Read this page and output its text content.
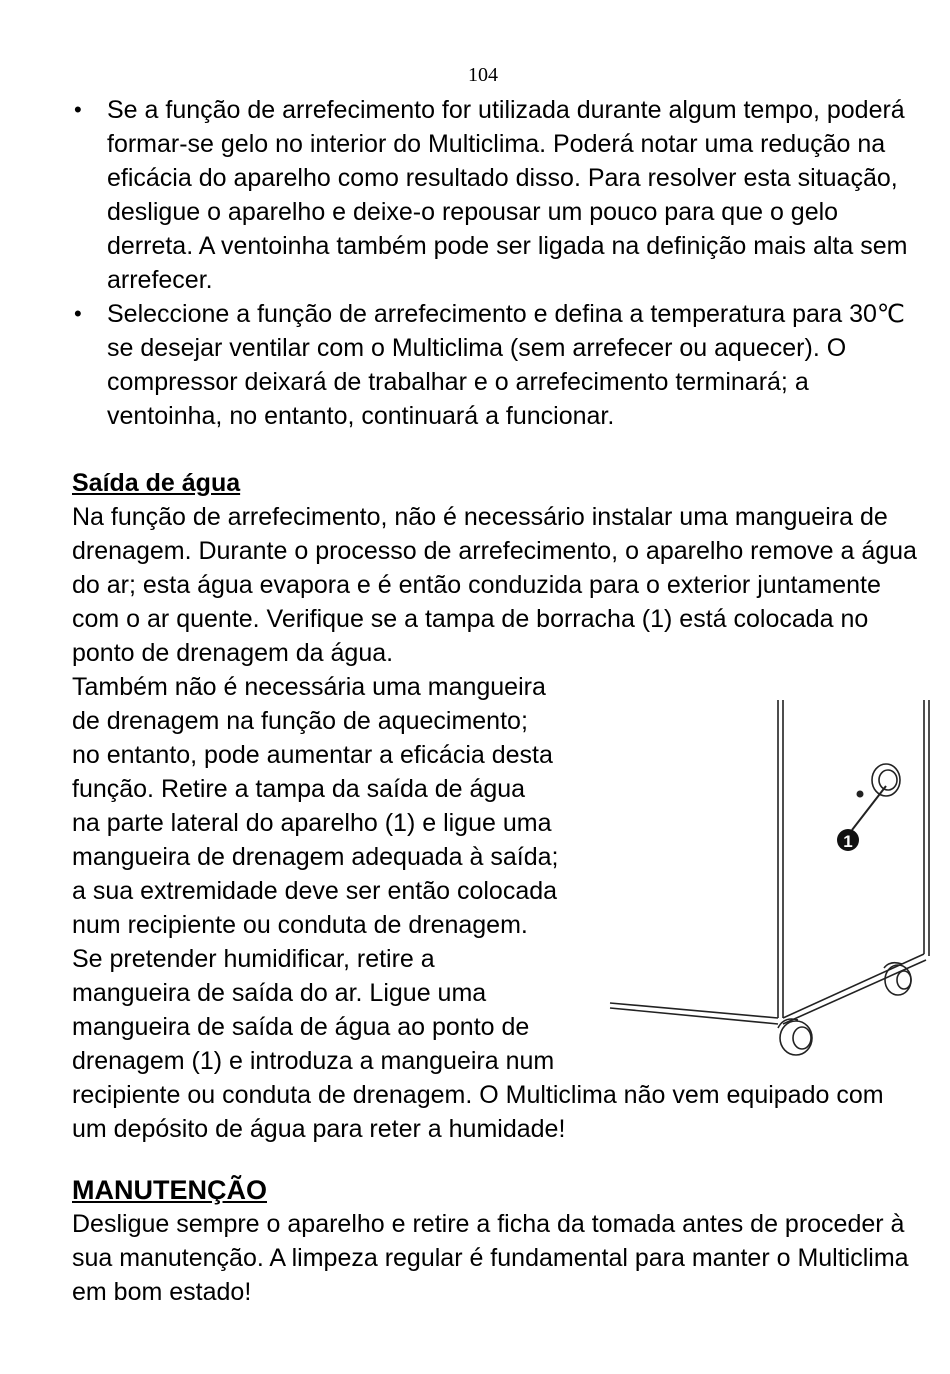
104
• Se a função de arrefecimento for utilizada durante algum tempo, poderá formar-se gelo no interior do Multiclima. Poderá notar uma redução na eficácia do aparelho como resultado disso. Para resolver esta situação, desligue o aparelho e deixe-o repousar um pouco para que o gelo derreta. A ventoinha também pode ser ligada na definição mais alta sem arrefecer.
• Seleccione a função de arrefecimento e defina a temperatura para 30℃ se desejar ventilar com o Multiclima (sem arrefecer ou aquecer). O compressor deixará de trabalhar e o arrefecimento terminará; a ventoinha, no entanto, continuará a funcionar.
Saída de água

Na função de arrefecimento, não é necessário instalar uma mangueira de drenagem. Durante o processo de arrefecimento, o aparelho remove a água do ar; esta água evapora e é então conduzida para o exterior juntamente com o ar quente. Verifique se a tampa de borracha (1) está colocada no ponto de drenagem da água.

Também não é necessária uma mangueira
de drenagem na função de aquecimento;
no entanto, pode aumentar a eficácia desta
função. Retire a tampa da saída de água
na parte lateral do aparelho (1) e ligue uma
mangueira de drenagem adequada à saída;
a sua extremidade deve ser então colocada
num recipiente ou conduta de drenagem.
Se pretender humidificar, retire a
mangueira de saída do ar. Ligue uma
mangueira de saída de água ao ponto de
drenagem (1) e introduza a mangueira num

recipiente ou conduta de drenagem. O Multiclima não vem equipado com um depósito de água para reter a humidade!

1
MANUTENÇÃO

Desligue sempre o aparelho e retire a ficha da tomada antes de proceder à sua manutenção. A limpeza regular é fundamental para manter o Multiclima em bom estado!
